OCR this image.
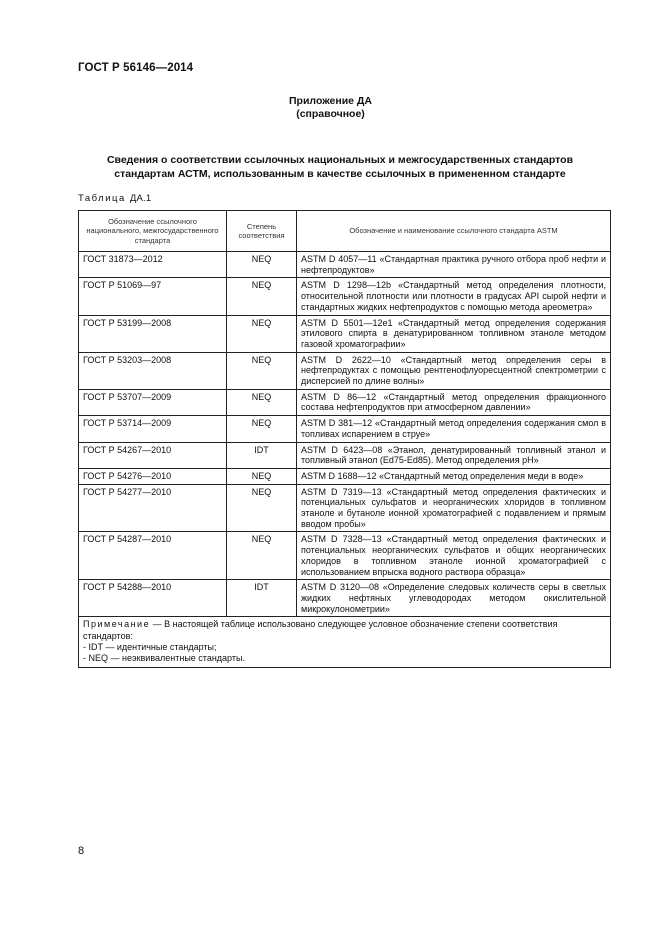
ГОСТ Р 56146—2014
Приложение ДА
(справочное)
Сведения о соответствии ссылочных национальных и межгосударственных стандартов
стандартам АСТМ, использованным в качестве ссылочных в примененном стандарте
Таблица ДА.1
Обозначение ссылочного национального, межгосударственного стандарта	Степень соответствия	Обозначение и наименование ссылочного стандарта ASTM
ГОСТ 31873—2012	NEQ	ASTM D 4057—11 «Стандартная практика ручного отбора проб нефти и нефтепродуктов»
ГОСТ Р 51069—97	NEQ	ASTM D 1298—12b «Стандартный метод определения плотности, относительной плотности или плотности в градусах API сырой нефти и стандартных жидких нефтепродуктов с помощью метода ареометра»
ГОСТ Р 53199—2008	NEQ	ASTM D 5501—12e1 «Стандартный метод определения содержания этилового спирта в денатурированном топливном этаноле методом газовой хроматографии»
ГОСТ Р 53203—2008	NEQ	ASTM D 2622—10 «Стандартный метод определения серы в нефтепродуктах с помощью рентгенофлуоресцентной спектрометрии с дисперсией по длине волны»
ГОСТ Р 53707—2009	NEQ	ASTM D 86—12 «Стандартный метод определения фракционного состава нефтепродуктов при атмосферном давлении»
ГОСТ Р 53714—2009	NEQ	ASTM D 381—12 «Стандартный метод определения содержания смол в топливах испарением в струе»
ГОСТ Р 54267—2010	IDT	ASTM D 6423—08 «Этанол, денатурированный топливный этанол и топливный этанол (Ed75-Ed85). Метод определения pH»
ГОСТ Р 54276—2010	NEQ	ASTM D 1688—12 «Стандартный метод определения меди в воде»
ГОСТ Р 54277—2010	NEQ	ASTM D 7319—13 «Стандартный метод определения фактических и потенциальных сульфатов и неорганических хлоридов в топливном этаноле и бутаноле ионной хроматографией с подавлением и прямым вводом пробы»
ГОСТ Р 54287—2010	NEQ	ASTM D 7328—13 «Стандартный метод определения фактических и потенциальных неорганических сульфатов и общих неорганических хлоридов в топливном этаноле ионной хроматографией с использованием впрыска водного раствора образца»
ГОСТ Р 54288—2010	IDT	ASTM D 3120—08 «Определение следовых количеств серы в светлых жидких нефтяных углеводородах методом окислительной микрокулонометрии»

Примечание — В настоящей таблице использовано следующее условное обозначение степени соответствия стандартов:
- IDT — идентичные стандарты;
- NEQ — неэквивалентные стандарты.		
8
